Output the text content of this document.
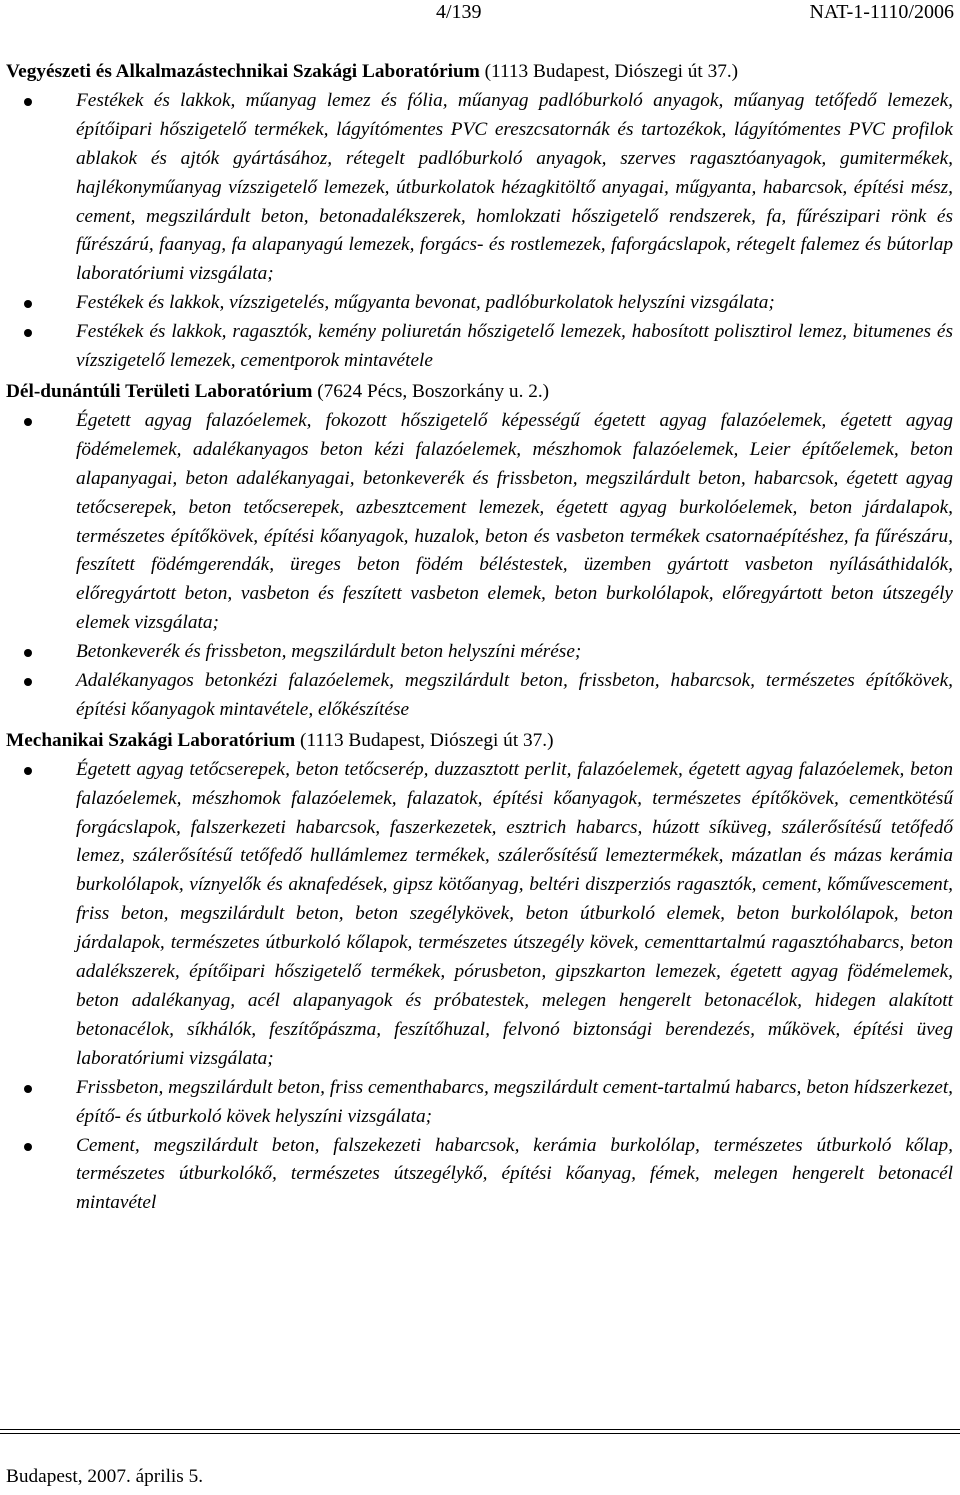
4/139	NAT-1-1110/2006

Vegyészeti és Alkalmazástechnikai Szakági Laboratórium (1113 Budapest, Diószegi út 37.)

Festékek és lakkok, műanyag lemez és fólia, műanyag padlóburkoló anyagok, műanyag tetőfedő lemezek, építőipari hőszigetelő termékek, lágyítómentes PVC ereszcsatornák és tartozékok, lágyítómentes PVC profilok ablakok és ajtók gyártásához, rétegelt padlóburkoló anyagok, szerves ragasztóanyagok, gumitermékek, hajlékonyműanyag vízszigetelő lemezek, útburkolatok hézagkitöltő anyagai, műgyanta, habarcsok, építési mész, cement, megszilárdult beton, betonadalékszerek, homlokzati hőszigetelő rendszerek, fa, fűrészipari rönk és fűrészárú, faanyag, fa alapanyagú lemezek, forgács- és rostlemezek, faforgácslapok, rétegelt falemez és bútorlap laboratóriumi vizsgálata;
Festékek és lakkok, vízszigetelés, műgyanta bevonat, padlóburkolatok helyszíni vizsgálata;
Festékek és lakkok, ragasztók, kemény poliuretán hőszigetelő lemezek, habosított polisztirol lemez, bitumenes és vízszigetelő lemezek, cementporok mintavétele

Dél-dunántúli Területi Laboratórium (7624 Pécs, Boszorkány u. 2.)

Égetett agyag falazóelemek, fokozott hőszigetelő képességű égetett agyag falazóelemek, égetett agyag födémelemek, adalékanyagos beton kézi falazóelemek, mészhomok falazóelemek, Leier építőelemek, beton alapanyagai, beton adalékanyagai, betonkeverék és frissbeton, megszilárdult beton, habarcsok, égetett agyag tetőcserepek, beton tetőcserepek, azbesztcement lemezek, égetett agyag burkolóelemek, beton járdalapok, természetes építőkövek, építési kőanyagok, huzalok, beton és vasbeton termékek csatornaépítéshez, fa fűrészáru, feszített födémgerendák, üreges beton födém béléstestek, üzemben gyártott vasbeton nyílásáthidalók, előregyártott beton, vasbeton és feszített vasbeton elemek, beton burkolólapok, előregyártott beton útszegély elemek vizsgálata;
Betonkeverék és frissbeton, megszilárdult beton helyszíni mérése;
Adalékanyagos betonkézi falazóelemek, megszilárdult beton, frissbeton, habarcsok, természetes építőkövek, építési kőanyagok mintavétele, előkészítése

Mechanikai Szakági Laboratórium (1113 Budapest, Diószegi út 37.)

Égetett agyag tetőcserepek, beton tetőcserép, duzzasztott perlit, falazóelemek, égetett agyag falazóelemek, beton falazóelemek, mészhomok falazóelemek, falazatok, építési kőanyagok, természetes építőkövek, cementkötésű forgácslapok, falszerkezeti habarcsok, faszerkezetek, esztrich habarcs, húzott síküveg, szálerősítésű tetőfedő lemez, szálerősítésű tetőfedő hullámlemez termékek, szálerősítésű lemeztermékek, mázatlan és mázas kerámia burkolólapok, víznyelők és aknafedések, gipsz kötőanyag, beltéri diszperziós ragasztók, cement, kőművescement, friss beton, megszilárdult beton, beton szegélykövek, beton útburkoló elemek, beton burkolólapok, beton járdalapok, természetes útburkoló kőlapok, természetes útszegély kövek, cementtartalmú ragasztóhabarcs, beton adalékszerek, építőipari hőszigetelő termékek, pórusbeton, gipszkarton lemezek, égetett agyag födémelemek, beton adalékanyag, acél alapanyagok és próbatestek, melegen hengerelt betonacélok, hidegen alakított betonacélok, síkhálók, feszítőpászma, feszítőhuzal, felvonó biztonsági berendezés, műkövek, építési üveg laboratóriumi vizsgálata;
Frissbeton, megszilárdult beton, friss cementhabarcs, megszilárdult cement-tartalmú habarcs, beton hídszerkezet, építő- és útburkoló kövek helyszíni vizsgálata;
Cement, megszilárdult beton, falszekezeti habarcsok, kerámia burkolólap, természetes útburkoló kőlap, természetes útburkolókő, természetes útszegélykő, építési kőanyag, fémek, melegen hengerelt betonacél mintavétel
Budapest, 2007. április 5.
